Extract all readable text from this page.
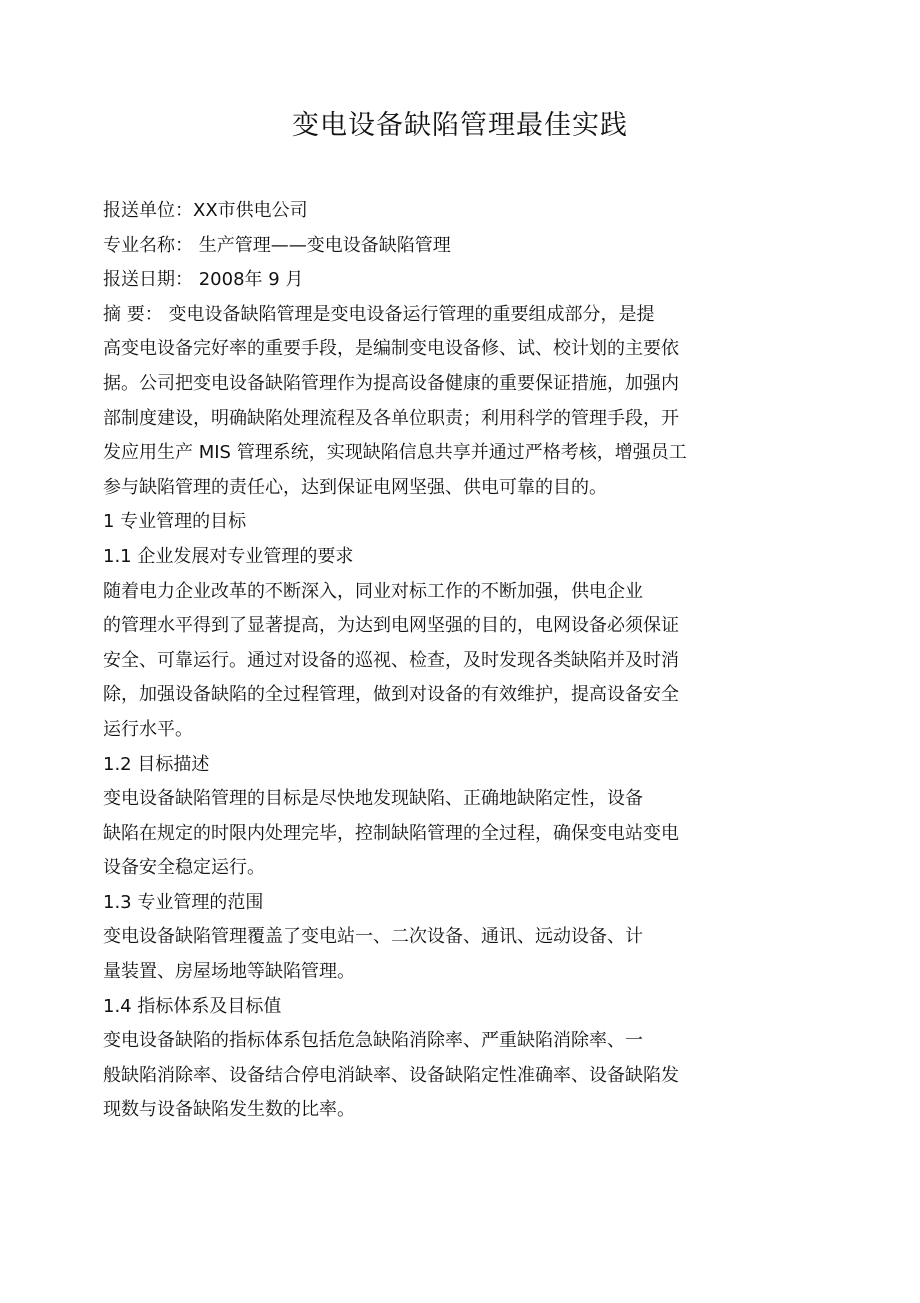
变电设备缺陷管理最佳实践

报送单位：XX市供电公司

专业名称： 生产管理——变电设备缺陷管理

报送日期： 2008年 9 月

摘 要： 变电设备缺陷管理是变电设备运行管理的重要组成部分，是提

高变电设备完好率的重要手段，是编制变电设备修、试、校计划的主要依

据。公司把变电设备缺陷管理作为提高设备健康的重要保证措施，加强内

部制度建设，明确缺陷处理流程及各单位职责；利用科学的管理手段，开

发应用生产 MIS 管理系统，实现缺陷信息共享并通过严格考核，增强员工

参与缺陷管理的责任心，达到保证电网坚强、供电可靠的目的。

1 专业管理的目标

1.1 企业发展对专业管理的要求

随着电力企业改革的不断深入，同业对标工作的不断加强，供电企业

的管理水平得到了显著提高，为达到电网坚强的目的，电网设备必须保证

安全、可靠运行。通过对设备的巡视、检查，及时发现各类缺陷并及时消

除，加强设备缺陷的全过程管理，做到对设备的有效维护，提高设备安全

运行水平。

1.2 目标描述

变电设备缺陷管理的目标是尽快地发现缺陷、正确地缺陷定性，设备

缺陷在规定的时限内处理完毕，控制缺陷管理的全过程，确保变电站变电

设备安全稳定运行。

1.3 专业管理的范围

变电设备缺陷管理覆盖了变电站一、二次设备、通讯、远动设备、计

量装置、房屋场地等缺陷管理。

1.4 指标体系及目标值

变电设备缺陷的指标体系包括危急缺陷消除率、严重缺陷消除率、一

般缺陷消除率、设备结合停电消缺率、设备缺陷定性准确率、设备缺陷发

现数与设备缺陷发生数的比率。
